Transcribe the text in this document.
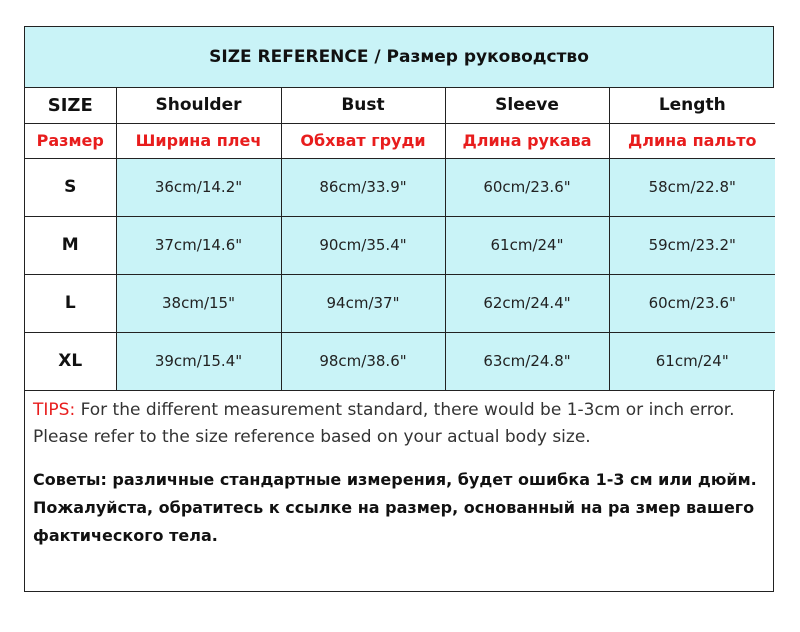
SIZE REFERENCE / Размер руководство
SIZE	Shoulder	Bust	Sleeve	Length
Размер	Ширина плеч	Обхват груди	Длина рукава	Длина пальто
S	36cm/14.2"	86cm/33.9"	60cm/23.6"	58cm/22.8"
M	37cm/14.6"	90cm/35.4"	61cm/24"	59cm/23.2"
L	38cm/15"	94cm/37"	62cm/24.4"	60cm/23.6"
XL	39cm/15.4"	98cm/38.6"	63cm/24.8"	61cm/24"
TIPS: For the different measurement standard, there would be 1-3cm or inch error. Please refer to the size reference based on your actual body size.
Советы: различные стандартные измерения, будет ошибка 1-3 см или дюйм. Пожалуйста, обратитесь к ссылке на размер, основанный на ра змер вашего фактического тела.
